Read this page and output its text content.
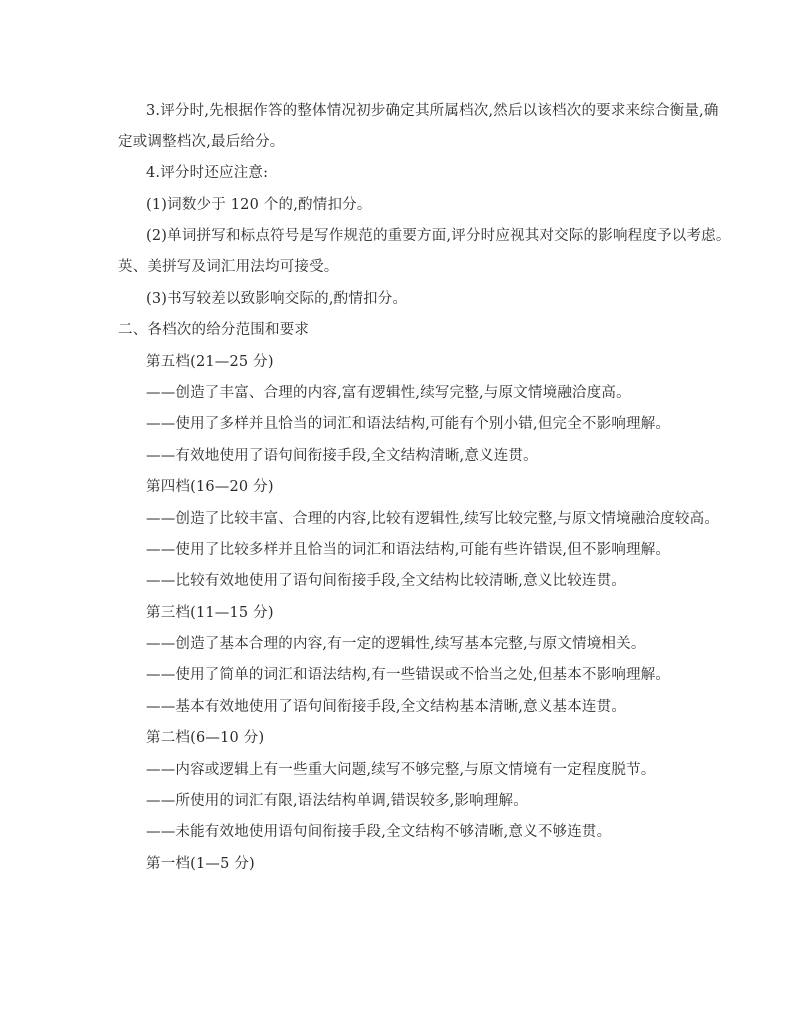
3.评分时,先根据作答的整体情况初步确定其所属档次,然后以该档次的要求来综合衡量,确
定或调整档次,最后给分。
4.评分时还应注意:
(1)词数少于 120 个的,酌情扣分。
(2)单词拼写和标点符号是写作规范的重要方面,评分时应视其对交际的影响程度予以考虑。
英、美拼写及词汇用法均可接受。
(3)书写较差以致影响交际的,酌情扣分。
二、各档次的给分范围和要求
第五档(21—25 分)
——创造了丰富、合理的内容,富有逻辑性,续写完整,与原文情境融洽度高。
——使用了多样并且恰当的词汇和语法结构,可能有个别小错,但完全不影响理解。
——有效地使用了语句间衔接手段,全文结构清晰,意义连贯。
第四档(16—20 分)
——创造了比较丰富、合理的内容,比较有逻辑性,续写比较完整,与原文情境融洽度较高。
——使用了比较多样并且恰当的词汇和语法结构,可能有些许错误,但不影响理解。
——比较有效地使用了语句间衔接手段,全文结构比较清晰,意义比较连贯。
第三档(11—15 分)
——创造了基本合理的内容,有一定的逻辑性,续写基本完整,与原文情境相关。
——使用了简单的词汇和语法结构,有一些错误或不恰当之处,但基本不影响理解。
——基本有效地使用了语句间衔接手段,全文结构基本清晰,意义基本连贯。
第二档(6—10 分)
——内容或逻辑上有一些重大问题,续写不够完整,与原文情境有一定程度脱节。
——所使用的词汇有限,语法结构单调,错误较多,影响理解。
——未能有效地使用语句间衔接手段,全文结构不够清晰,意义不够连贯。
第一档(1—5 分)
